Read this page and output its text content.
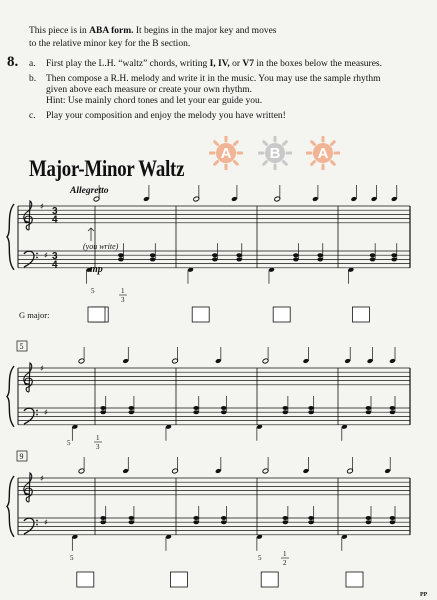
This piece is in ABA form. It begins in the major key and moves
to the relative minor key for the B section.
8. a. First play the L.H. “waltz” chords, writing I, IV, or V7 in the boxes below the measures.
b. Then compose a R.H. melody and write it in the music. You may use the sample rhythm
given above each measure or create your own rhythm.
Hint: Use mainly chord tones and let your ear guide you.
c. Play your composition and enjoy the melody you have written!
A	B	A
Major-Minor Waltz
Allegretto
♯
♯
3
4
3
4
♯
♯
5
♯
♯
9
(you write)
mp
5	1
3
G major:
5
1
3
5	5	1
2
PP
